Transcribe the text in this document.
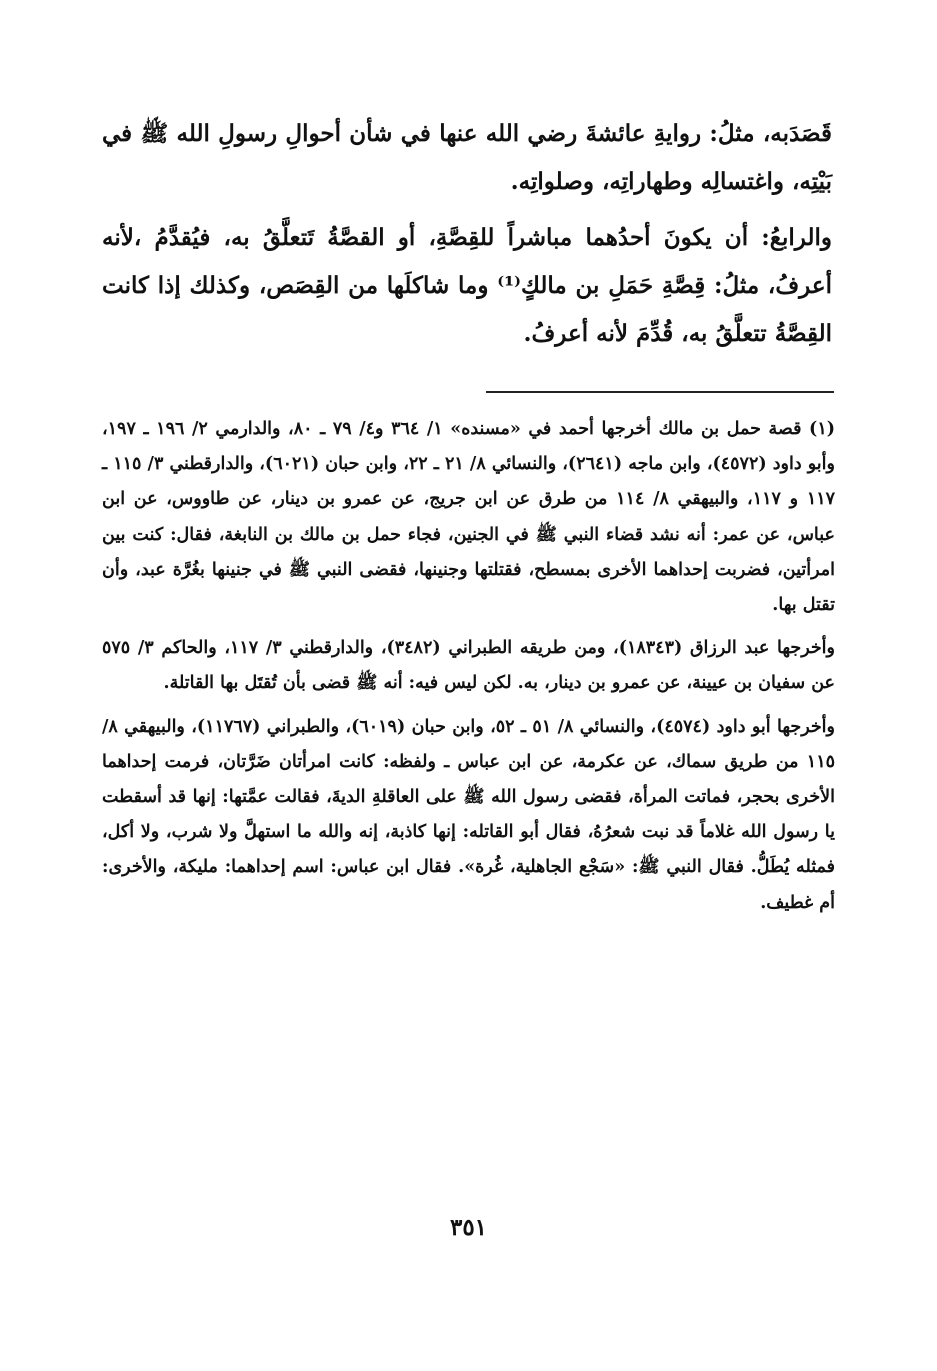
قَصَدَبه، مثلُ: روايةِ عائشةَ رضي الله عنها في شأن أحوالِ رسولِ الله ﷺ في بَيْتِه، واغتسالِه وطهاراتِه، وصلواتِه.

والرابعُ: أن يكونَ أحدُهما مباشراً للقِصَّةِ، أو القصَّةُ تَتعلَّقُ به، فيُقدَّمُ ،لأنه أعرفُ، مثلُ: قِصَّةِ حَمَلِ بن مالكٍ⁽¹⁾ وما شاكلَها من القِصَص، وكذلك إذا كانت القِصَّةُ تتعلَّقُ به، قُدِّمَ لأنه أعرفُ.

(١) قصة حمل بن مالك أخرجها أحمد في «مسنده» ١/ ٣٦٤ و٤/ ٧٩ ـ ٨٠، والدارمي ٢/ ١٩٦ ـ ١٩٧، وأبو داود (٤٥٧٢)، وابن ماجه (٢٦٤١)، والنسائي ٨/ ٢١ ـ ٢٢، وابن حبان (٦٠٢١)، والدارقطني ٣/ ١١٥ ـ ١١٧ و ١١٧، والبيهقي ٨/ ١١٤ من طرق عن ابن جريج، عن عمرو بن دينار، عن طاووس، عن ابن عباس، عن عمر: أنه نشد قضاء النبي ﷺ في الجنين، فجاء حمل بن مالك بن النابغة، فقال: كنت بين امرأتين، فضربت إحداهما الأخرى بمسطح، فقتلتها وجنينها، فقضى النبي ﷺ في جنينها بغُرَّة عبد، وأن تقتل بها.

وأخرجها عبد الرزاق (١٨٣٤٣)، ومن طريقه الطبراني (٣٤٨٢)، والدارقطني ٣/ ١١٧، والحاكم ٣/ ٥٧٥ عن سفيان بن عيينة، عن عمرو بن دينار، به. لكن ليس فيه: أنه ﷺ قضى بأن تُقتَل بها القاتلة.

وأخرجها أبو داود (٤٥٧٤)، والنسائي ٨/ ٥١ ـ ٥٢، وابن حبان (٦٠١٩)، والطبراني (١١٧٦٧)، والبيهقي ٨/ ١١٥ من طريق سماك، عن عكرمة، عن ابن عباس ـ ولفظه: كانت امرأتان ضَرَّتان، فرمت إحداهما الأخرى بحجر، فماتت المرأة، فقضى رسول الله ﷺ على العاقلةِ الديةَ، فقالت عمَّتها: إنها قد أسقطت يا رسول الله غلاماً قد نبت شعرُهُ، فقال أبو القاتله: إنها كاذبة، إنه والله ما استهلَّ ولا شرب، ولا أكل، فمثله يُطَلُّ. فقال النبي ﷺ: «سَجْع الجاهلية، غُرة». فقال ابن عباس: اسم إحداهما: مليكة، والأخرى: أم غطيف.

٣٥١
